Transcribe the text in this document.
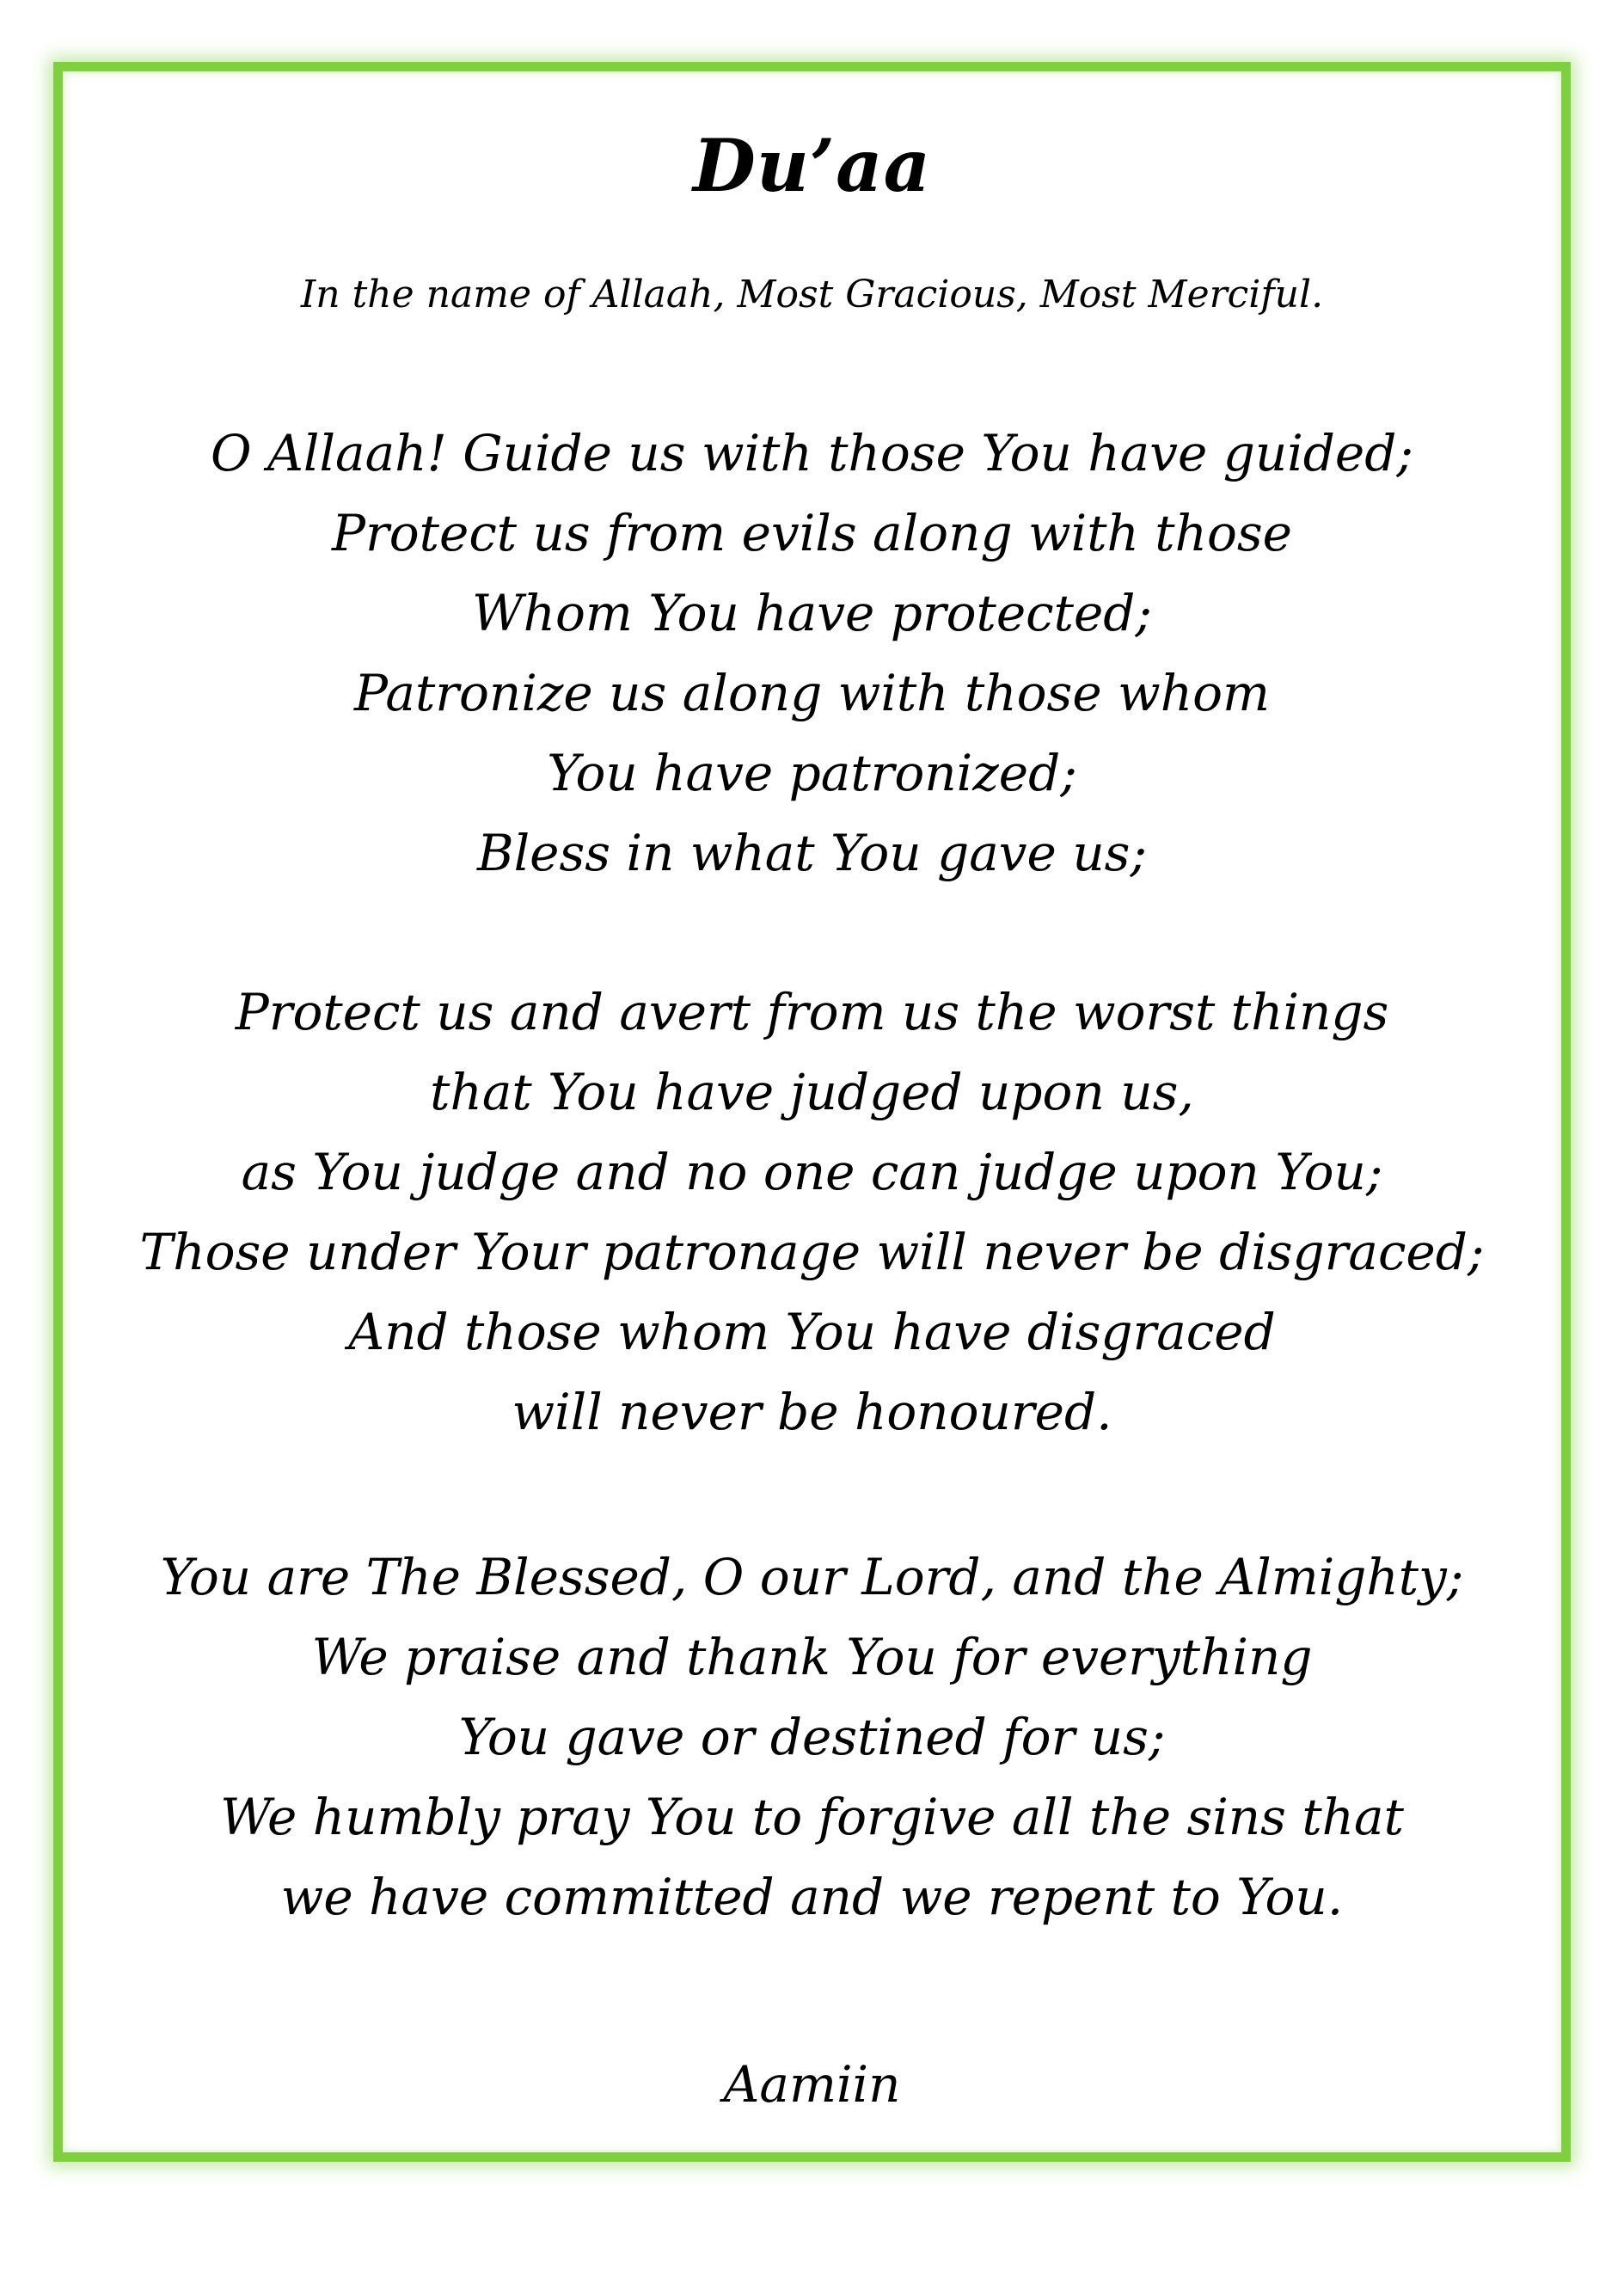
Du’aa
In the name of Allaah, Most Gracious, Most Merciful.
O Allaah! Guide us with those You have guided;
Protect us from evils along with those
Whom You have protected;
Patronize us along with those whom
You have patronized;
Bless in what You gave us;
Protect us and avert from us the worst things
that You have judged upon us,
as You judge and no one can judge upon You;
Those under Your patronage will never be disgraced;
And those whom You have disgraced
will never be honoured.
You are The Blessed, O our Lord, and the Almighty;
We praise and thank You for everything
You gave or destined for us;
We humbly pray You to forgive all the sins that
we have committed and we repent to You.
Aamiin
